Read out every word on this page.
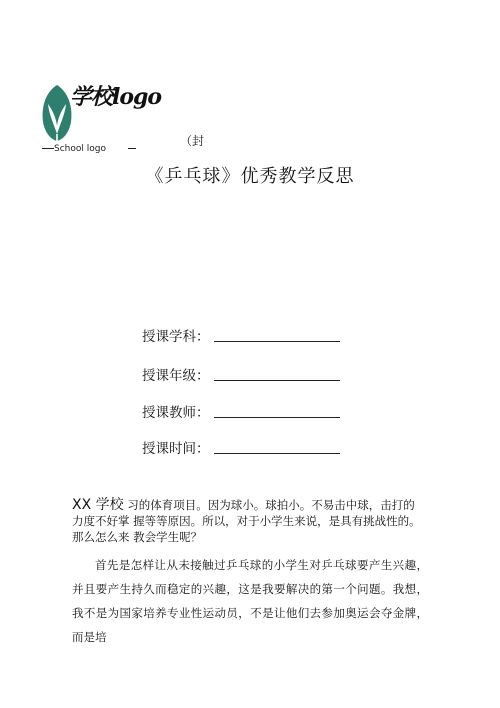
学校logo
School logo
（封
《乒乓球》优秀教学反思
授课学科：
授课年级：
授课教师：
授课时间：
XX 学校 习的体育项目。因为球小。球拍小。不易击中球，击打的力度不好掌 握等等原因。所以，对于小学生来说，是具有挑战性的。那么怎么来 教会学生呢？
首先是怎样让从未接触过乒乓球的小学生对乒乓球要产生兴趣，并且要产生持久而稳定的兴趣，这是我要解决的第一个问题。我想， 我不是为国家培养专业性运动员，不是让他们去参加奥运会夺金牌， 而是培
